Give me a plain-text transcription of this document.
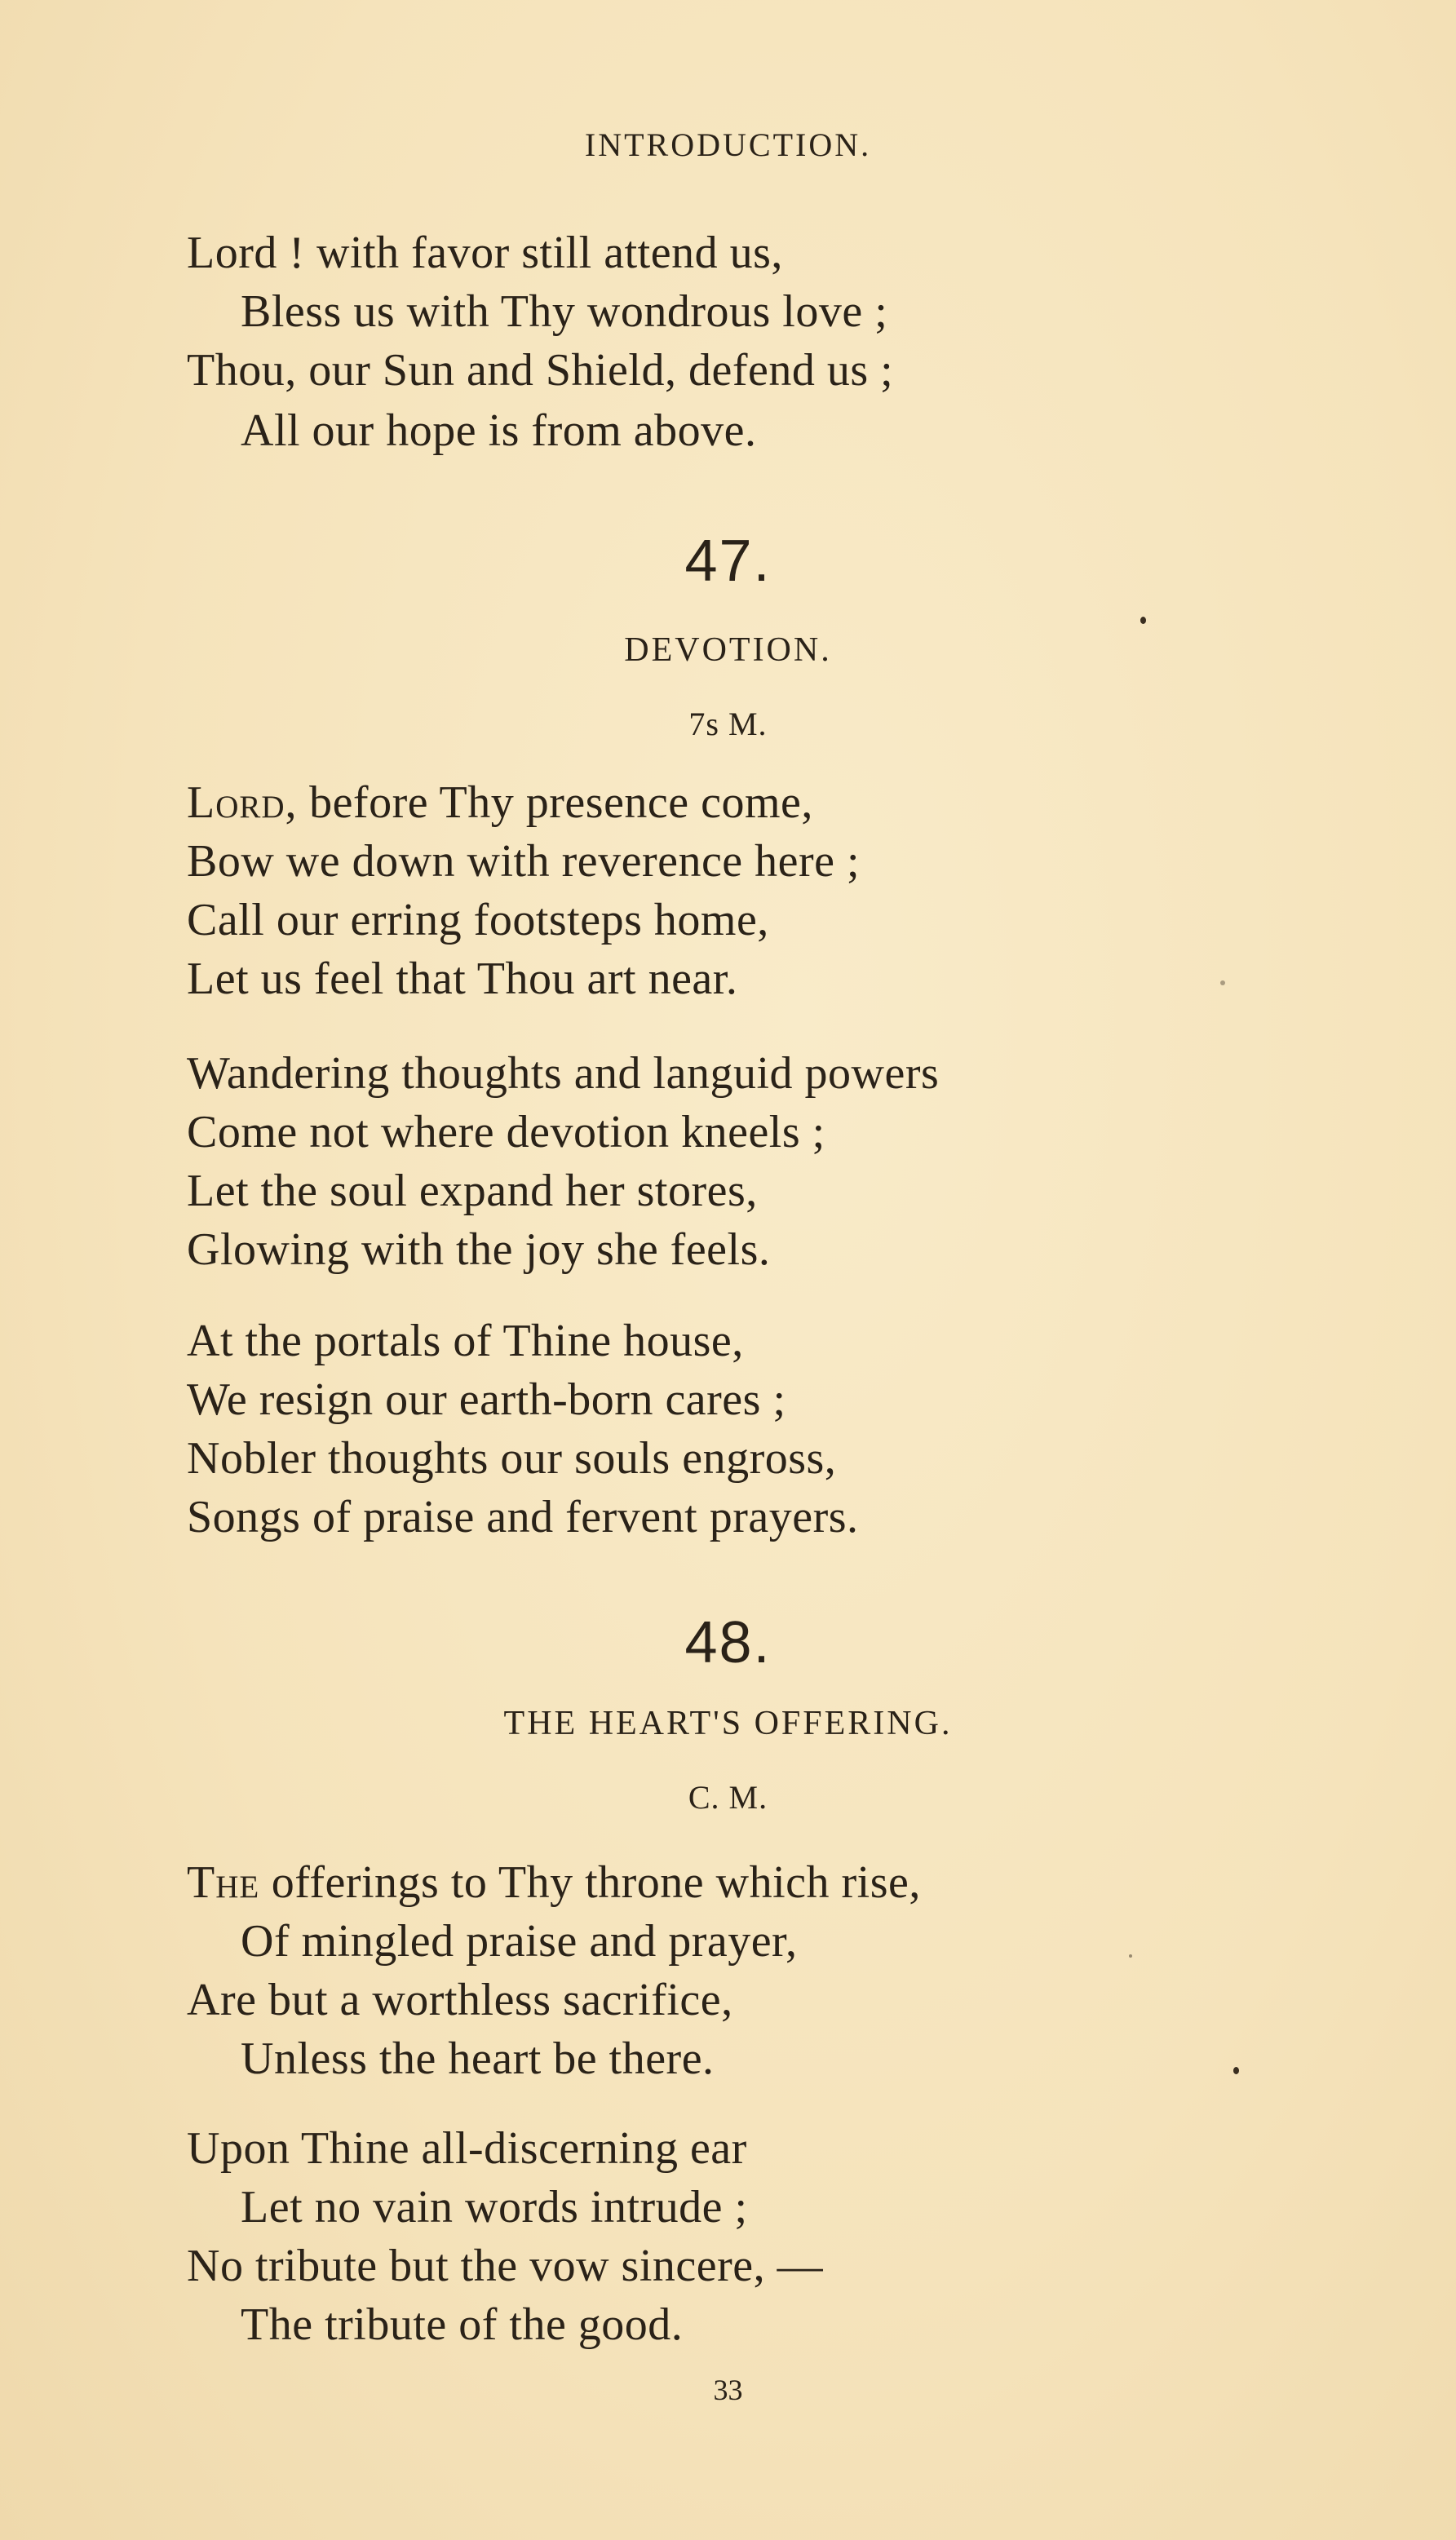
INTRODUCTION.
Lord ! with favor still attend us,
Bless us with Thy wondrous love ;
Thou, our Sun and Shield, defend us ;
All our hope is from above.
47.
DEVOTION.
7s M.
Lord, before Thy presence come,
Bow we down with reverence here ;
Call our erring footsteps home,
Let us feel that Thou art near.
Wandering thoughts and languid powers
Come not where devotion kneels ;
Let the soul expand her stores,
Glowing with the joy she feels.
At the portals of Thine house,
We resign our earth-born cares ;
Nobler thoughts our souls engross,
Songs of praise and fervent prayers.
48.
THE HEART'S OFFERING.
C. M.
The offerings to Thy throne which rise,
Of mingled praise and prayer,
Are but a worthless sacrifice,
Unless the heart be there.
Upon Thine all-discerning ear
Let no vain words intrude ;
No tribute but the vow sincere, —
The tribute of the good.
33
